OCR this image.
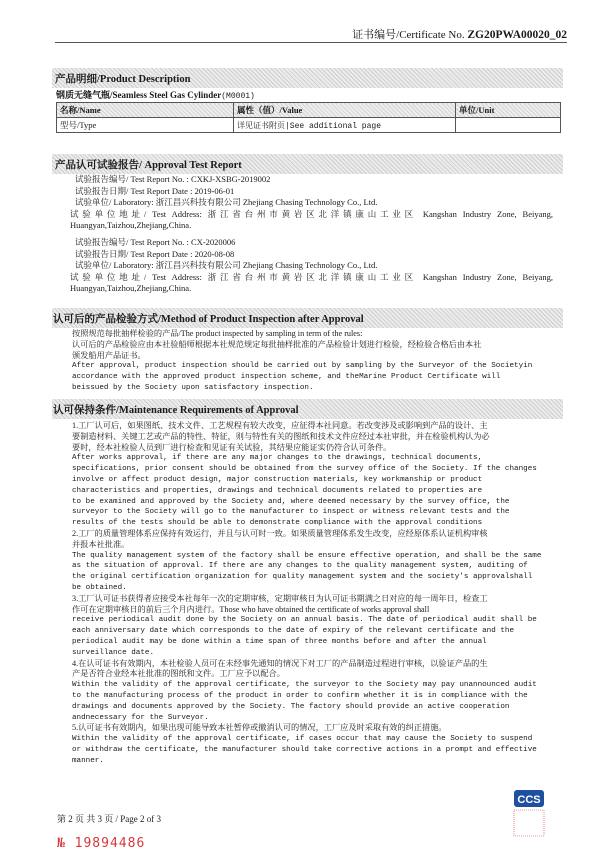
证书编号/Certificate No. ZG20PWA00020_02
产品明细/Product Description
钢质无缝气瓶/Seamless Steel Gas Cylinder(M0001)
名称/Name	属性（值）/Value	单位/Unit
型号/Type	详见证书附页|See additional page	
产品认可试验报告/ Approval Test Report
试验报告编号/ Test Report No. : CXKJ-XSBG-2019002
试验报告日期/ Test Report Date : 2019-06-01
试验单位/ Laboratory: 浙江昌兴科技有限公司 Zhejiang Chasing Technology Co., Ltd.
试验单位地址/ Test Address: 浙江省台州市黄岩区北洋镇康山工业区 Kangshan Industry Zone, Beiyang,
Huangyan,Taizhou,Zhejiang,China.
试验报告编号/ Test Report No. : CX-2020006
试验报告日期/ Test Report Date : 2020-08-08
试验单位/ Laboratory: 浙江昌兴科技有限公司 Zhejiang Chasing Technology Co., Ltd.
试验单位地址/ Test Address: 浙江省台州市黄岩区北洋镇康山工业区 Kangshan Industry Zone, Beiyang,
Huangyan,Taizhou,Zhejiang,China.
认可后的产品检验方式/Method of Product Inspection after Approval
按照规范每批抽样检验的产品/The product inspected by sampling in term of the rules:
认可后的产品检验应由本社验船师根据本社规范规定每批抽样批准的产品检验计划进行检验，经检验合格后由本社
颁发船用产品证书。
After approval, product inspection should be carried out by sampling by the Surveyor of the Societyin
accordance with the approved product inspection scheme, and theMarine Product Certificate will
beissued by the Society upon satisfactory inspection.
认可保持条件/Maintenance Requirements of Approval
1.工厂认可后，如果图纸、技术文件、工艺规程有较大改变，应征得本社同意。若改变涉及或影响到产品的设计、主
要制造材料、关键工艺或产品的特性、特征，则与特性有关的图纸和技术文件应经过本社审批，并在检验机构认为必
要时，经本社检验人员到厂进行检查和见证有关试验，其结果应能证实仍符合认可条件。
After works approval, if there are any major changes to the drawings, technical documents,
specifications, prior consent should be obtained from the survey office of the Society. If the changes
involve or affect product design, major construction materials, key workmanship or product
characteristics and properties, drawings and technical documents related to properties are
to be examined and approved by the Society and, where deemed necessary by the survey office, the
surveyor to the Society will go to the manufacturer to inspect or witness relevant tests and the
results of the tests should be able to demonstrate compliance with the approval conditions
2.工厂的质量管理体系应保持有效运行，并且与认可时一致。如果质量管理体系发生改变，应经原体系认证机构审核
并报本社批准。
The quality management system of the factory shall be ensure effective operation, and shall be the same
as the situation of approval. If there are any changes to the quality management system, auditing of
the original certification organization for quality management system and the society's approvalshall
be obtained.
3.工厂认可证书获得者应接受本社每年一次的定期审核，定期审核日为认可证书期满之日对应的每一周年日，检查工
作可在定期审核日的前后三个月内进行。Those who have obtained the certificate of works approval shall
receive periodical audit done by the Society on an annual basis. The date of periodical audit shall be
each anniversary date which corresponds to the date of expiry of the relevant certificate and the
periodical audit may be done within a time span of three months before and after the annual
surveillance date.
4.在认可证书有效期内，本社检验人员可在未经事先通知的情况下对工厂的产品制造过程进行审核，以验证产品的生
产是否符合业经本社批准的图纸和文件。工厂应予以配合。
Within the validity of the approval certificate, the surveyor to the Society may pay unannounced audit
to the manufacturing process of the product in order to confirm whether it is in compliance with the
drawings and documents approved by the Society. The factory should provide an active cooperation
andnecessary for the Surveyor.
5.认可证书有效期内，如果出现可能导致本社暂停或撤消认可的情况，工厂应及时采取有效的纠正措施。
Within the validity of the approval certificate, if cases occur that may cause the Society to suspend
or withdraw the certificate, the manufacturer should take corrective actions in a prompt and effective
manner.
第 2 页 共 3 页 / Page 2 of 3
№ 19894486
CCS
